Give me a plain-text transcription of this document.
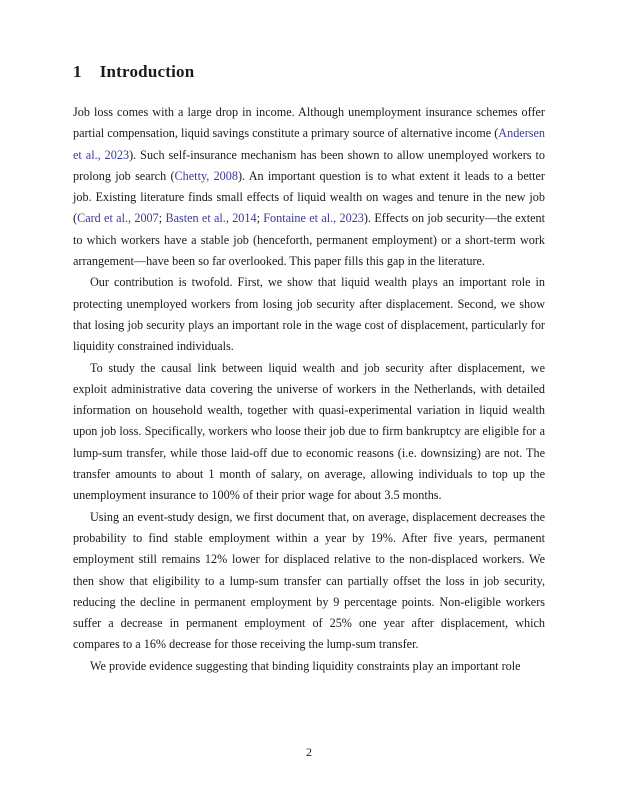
1 Introduction

Job loss comes with a large drop in income. Although unemployment insurance schemes offer partial compensation, liquid savings constitute a primary source of alternative income (Andersen et al., 2023). Such self-insurance mechanism has been shown to allow unemployed workers to prolong job search (Chetty, 2008). An important question is to what extent it leads to a better job. Existing literature finds small effects of liquid wealth on wages and tenure in the new job (Card et al., 2007; Basten et al., 2014; Fontaine et al., 2023). Effects on job security—the extent to which workers have a stable job (henceforth, permanent employment) or a short-term work arrangement—have been so far overlooked. This paper fills this gap in the literature.

Our contribution is twofold. First, we show that liquid wealth plays an important role in protecting unemployed workers from losing job security after displacement. Second, we show that losing job security plays an important role in the wage cost of displacement, particularly for liquidity constrained individuals.

To study the causal link between liquid wealth and job security after displacement, we exploit administrative data covering the universe of workers in the Netherlands, with detailed information on household wealth, together with quasi-experimental variation in liquid wealth upon job loss. Specifically, workers who loose their job due to firm bankruptcy are eligible for a lump-sum transfer, while those laid-off due to economic reasons (i.e. downsizing) are not. The transfer amounts to about 1 month of salary, on average, allowing individuals to top up the unemployment insurance to 100% of their prior wage for about 3.5 months.

Using an event-study design, we first document that, on average, displacement decreases the probability to find stable employment within a year by 19%. After five years, permanent employment still remains 12% lower for displaced relative to the non-displaced workers. We then show that eligibility to a lump-sum transfer can partially offset the loss in job security, reducing the decline in permanent employment by 9 percentage points. Non-eligible workers suffer a decrease in permanent employment of 25% one year after displacement, which compares to a 16% decrease for those receiving the lump-sum transfer.

We provide evidence suggesting that binding liquidity constraints play an important role

2
